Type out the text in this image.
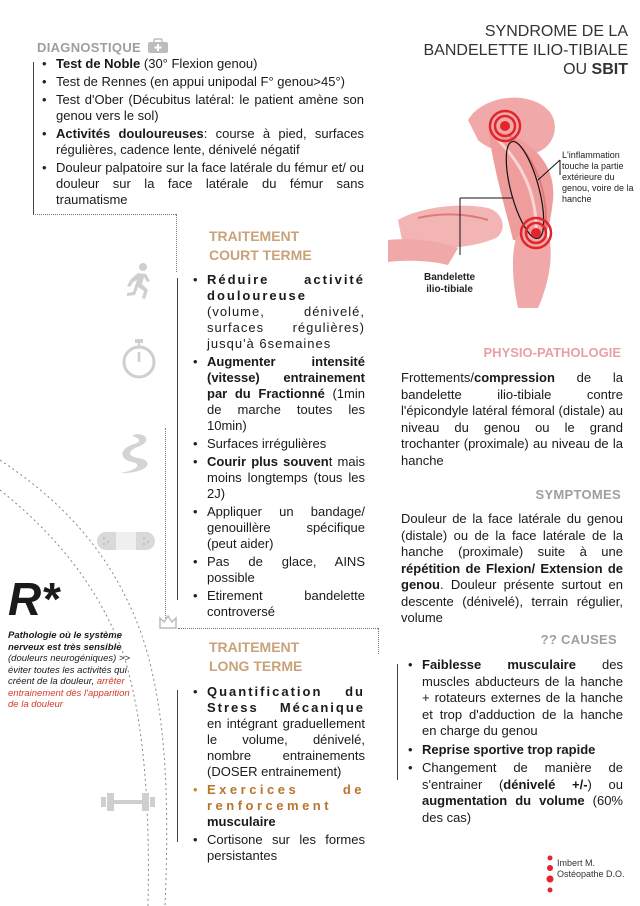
SYNDROME DE LA
BANDELETTE ILIO-TIBIALE
OU SBIT
DIAGNOSTIQUE
• Test de Noble (30° Flexion genou)
• Test de Rennes (en appui unipodal F° genou>45°)
• Test d'Ober (Décubitus latéral: le patient amène son genou vers le sol)
• Activités douloureuses: course à pied, surfaces régulières, cadence lente, dénivelé négatif
• Douleur palpatoire sur la face latérale du fémur et/ ou douleur sur la face latérale du fémur sans traumatisme
L'inflammation touche la partie extérieure du genou, voire de la hanche
Bandelette
ilio-tibiale
TRAITEMENT
COURT TERME
• Réduire activité douloureuse (volume, dénivelé, surfaces régulières) jusqu'à 6semaines
• Augmenter intensité (vitesse) entrainement par du Fractionné (1min de marche toutes les 10min)
• Surfaces irrégulières
• Courir plus souvent mais moins longtemps (tous les 2J)
• Appliquer un bandage/ genouillère spécifique (peut aider)
• Pas de glace, AINS possible
• Etirement bandelette controversé
PHYSIO-PATHOLOGIE
Frottements/compression de la bandelette ilio-tibiale contre l'épicondyle latéral fémoral (distale) au niveau du genou ou le grand trochanter (proximale) au niveau de la hanche
SYMPTOMES
Douleur de la face latérale du genou (distale) ou de la face latérale de la hanche (proximale) suite à une répétition de Flexion/ Extension de genou. Douleur présente surtout en descente (dénivelé), terrain régulier, volume
R*
Pathologie où le système nerveux est très sensible (douleurs neurogéniques) >> éviter toutes les activités qui créent de la douleur, arrêter entrainement dès l'apparition de la douleur
TRAITEMENT
LONG TERME
• Quantification du Stress Mécanique en intégrant graduellement le volume, dénivelé, nombre entrainements (DOSER entrainement)
• Exercices de renforcement musculaire
• Cortisone sur les formes persistantes
?? CAUSES
• Faiblesse musculaire des muscles abducteurs de la hanche + rotateurs externes de la hanche et trop d'adduction de la hanche en charge du genou
• Reprise sportive trop rapide
• Changement de manière de s'entrainer (dénivelé +/-) ou augmentation du volume (60% des cas)
Imbert M.
Ostéopathe D.O.
